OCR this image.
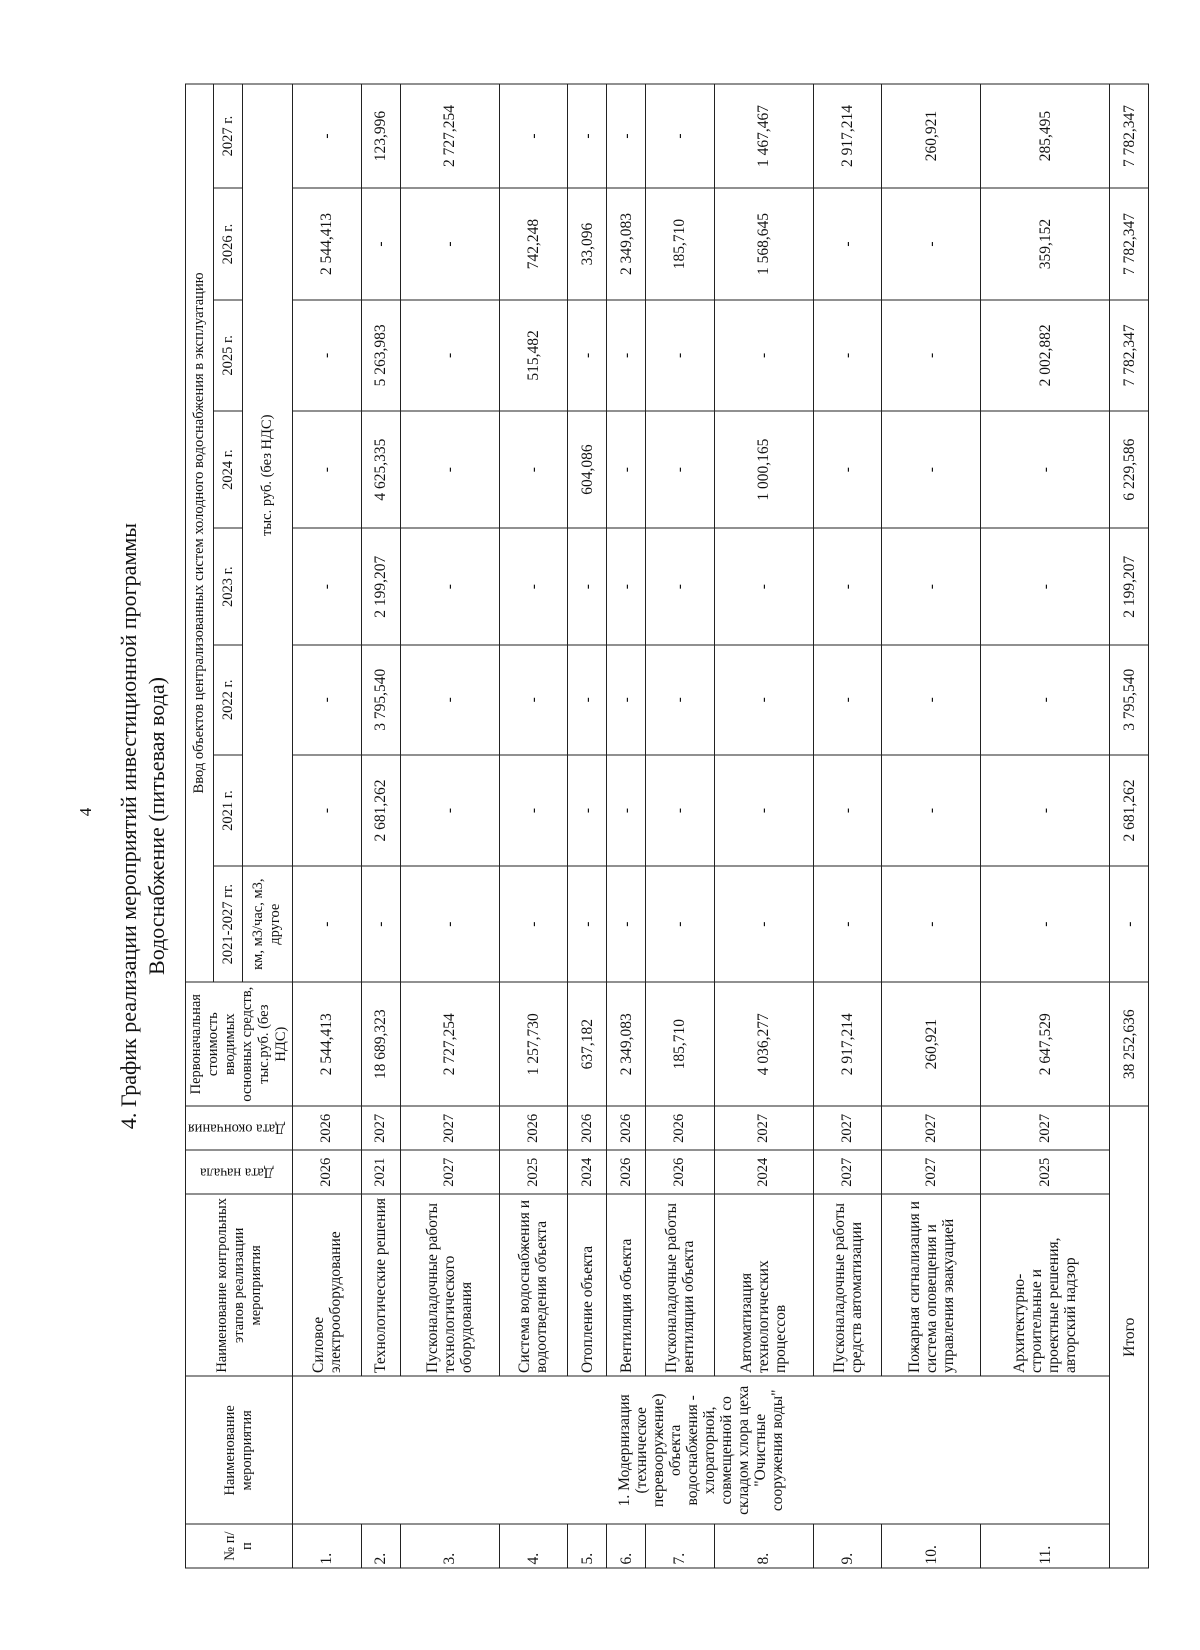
4 4. График реализации мероприятий инвестиционной программы Водоснабжение (питьевая вода)
№ п/п	Наименование мероприятия	Наименование контрольных этапов реализации мероприятия	Дата начала	Дата окончания	Первоначальная стоимость вводимых основных средств, тыс.руб. (без НДС)	Ввод объектов централизованных систем холодного водоснабжения в эксплуатацию							
						2021-2027 гг.	2021 г.	2022 г.	2023 г.	2024 г.	2025 г.	2026 г.	2027 г.
						км, м3/час, м3, другое	тыс. руб. (без НДС)						
1.	1. Модернизация (техническое перевооружение) объекта водоснабжения - хлораторной, совмещенной со складом хлора цеха "Очистные сооружения воды"	Силовое электрооборудование	2026	2026	2 544,413	-	-	-	-	-	-	2 544,413	-
2.		Технологические решения	2021	2027	18 689,323	-	2 681,262	3 795,540	2 199,207	4 625,335	5 263,983	-	123,996
3.		Пусконаладочные работы технологического оборудования	2027	2027	2 727,254	-	-	-	-	-	-	-	2 727,254
4.		Система водоснабжения и водоотведения объекта	2025	2026	1 257,730	-	-	-	-	-	515,482	742,248	-
5.		Отопление объекта	2024	2026	637,182	-	-	-	-	604,086	-	33,096	-
6.		Вентиляция объекта	2026	2026	2 349,083	-	-	-	-	-	-	2 349,083	-
7.		Пусконаладочные работы вентиляции объекта	2026	2026	185,710	-	-	-	-	-	-	185,710	-
8.		Автоматизация технологических процессов	2024	2027	4 036,277	-	-	-	-	1 000,165	-	1 568,645	1 467,467
9.		Пусконаладочные работы средств автоматизации	2027	2027	2 917,214	-	-	-	-	-	-	-	2 917,214
10.		Пожарная сигнализация и система оповещения и управления эвакуацией	2027	2027	260,921	-	-	-	-	-	-	-	260,921
11.		Архитектурно-строительные и проектные решения, авторский надзор	2025	2027	2 647,529	-	-	-	-	-	2 002,882	359,152	285,495
Итого					38 252,636	-	2 681,262	3 795,540	2 199,207	6 229,586	7 782,347	7 782,347	7 782,347
